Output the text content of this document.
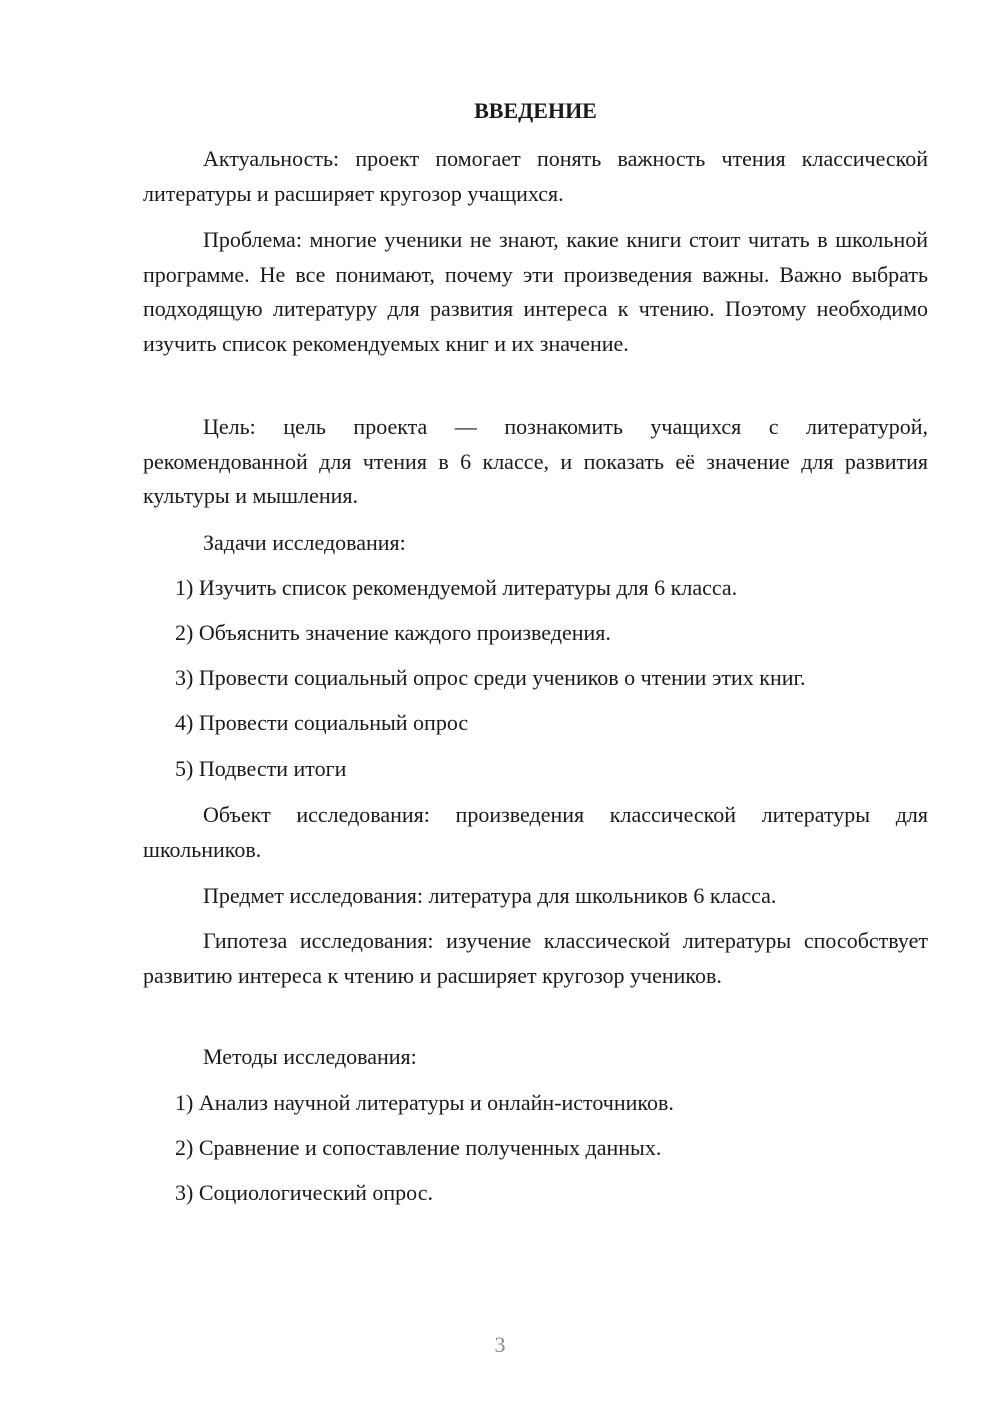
ВВЕДЕНИЕ

Актуальность: проект помогает понять важность чтения классической литературы и расширяет кругозор учащихся.

Проблема: многие ученики не знают, какие книги стоит читать в школьной программе. Не все понимают, почему эти произведения важны. Важно выбрать подходящую литературу для развития интереса к чтению. Поэтому необходимо изучить список рекомендуемых книг и их значение.

Цель: цель проекта — познакомить учащихся с литературой, рекомендованной для чтения в 6 классе, и показать её значение для развития культуры и мышления.

Задачи исследования:

1) Изучить список рекомендуемой литературы для 6 класса.

2) Объяснить значение каждого произведения.

3) Провести социальный опрос среди учеников о чтении этих книг.

4) Провести социальный опрос

5) Подвести итоги

Объект исследования: произведения классической литературы для школьников.

Предмет исследования: литература для школьников 6 класса.

Гипотеза исследования: изучение классической литературы способствует развитию интереса к чтению и расширяет кругозор учеников.

Методы исследования:

1) Анализ научной литературы и онлайн-источников.

2) Сравнение и сопоставление полученных данных.

3) Социологический опрос.

3
